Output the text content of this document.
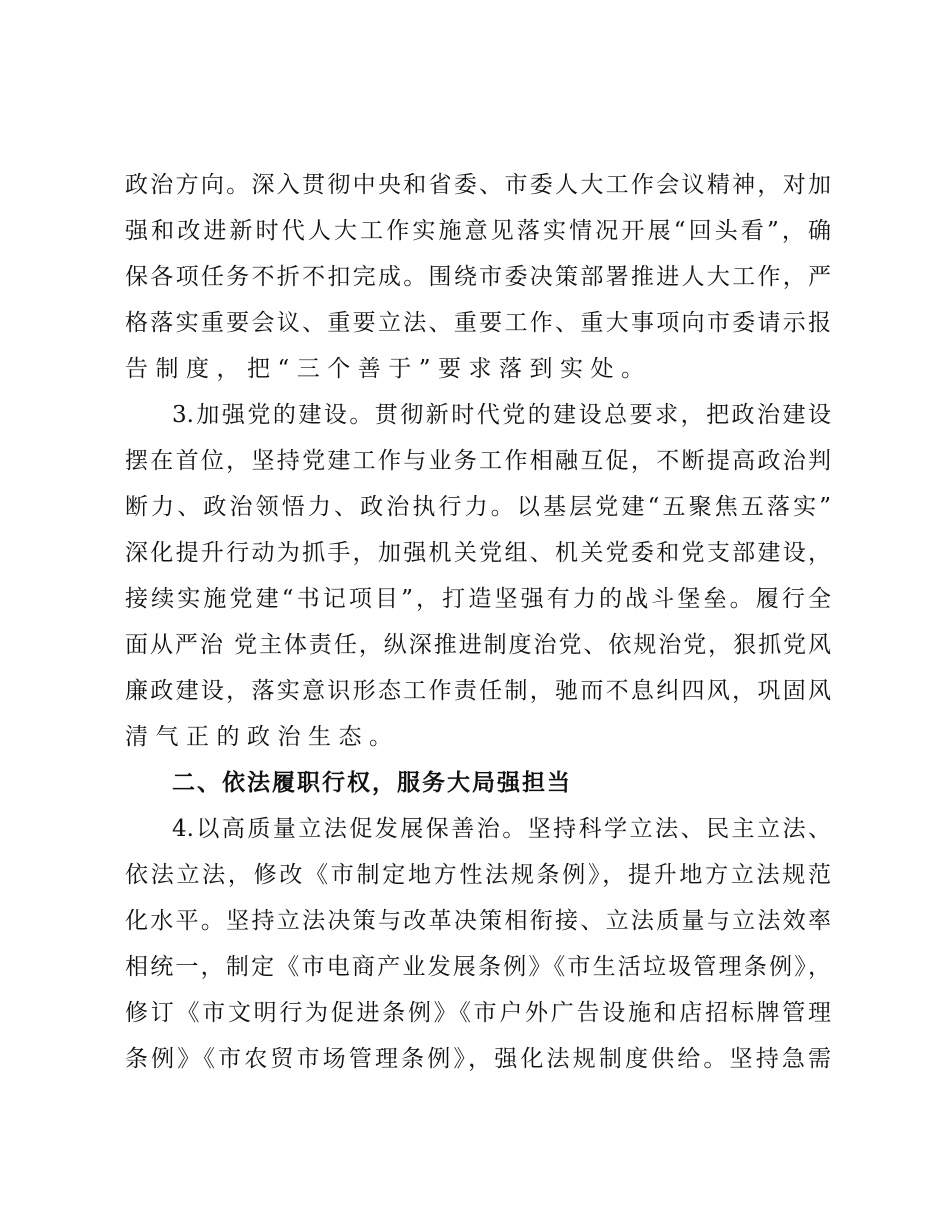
政治方向。深入贯彻中央和省委、市委人大工作会议精神，对加
强和改进新时代人大工作实施意见落实情况开展“回头看”，确
保各项任务不折不扣完成。围绕市委决策部署推进人大工作，严
格落实重要会议、重要立法、重要工作、重大事项向市委请示报
告制度，把“三个善于”要求落到实处。
3.加强党的建设。贯彻新时代党的建设总要求，把政治建设
摆在首位，坚持党建工作与业务工作相融互促，不断提高政治判
断力、政治领悟力、政治执行力。以基层党建“五聚焦五落实”
深化提升行动为抓手，加强机关党组、机关党委和党支部建设，
接续实施党建“书记项目”，打造坚强有力的战斗堡垒。履行全
面从严治 党主体责任，纵深推进制度治党、依规治党，狠抓党风
廉政建设，落实意识形态工作责任制，驰而不息纠四风，巩固风
清气正的政治生态。
二、依法履职行权，服务大局强担当
4.以高质量立法促发展保善治。坚持科学立法、民主立法、
依法立法，修改《市制定地方性法规条例》，提升地方立法规范
化水平。坚持立法决策与改革决策相衔接、立法质量与立法效率
相统一，制定《市电商产业发展条例》《市生活垃圾管理条例》，
修订《市文明行为促进条例》《市户外广告设施和店招标牌管理
条例》《市农贸市场管理条例》，强化法规制度供给。坚持急需
